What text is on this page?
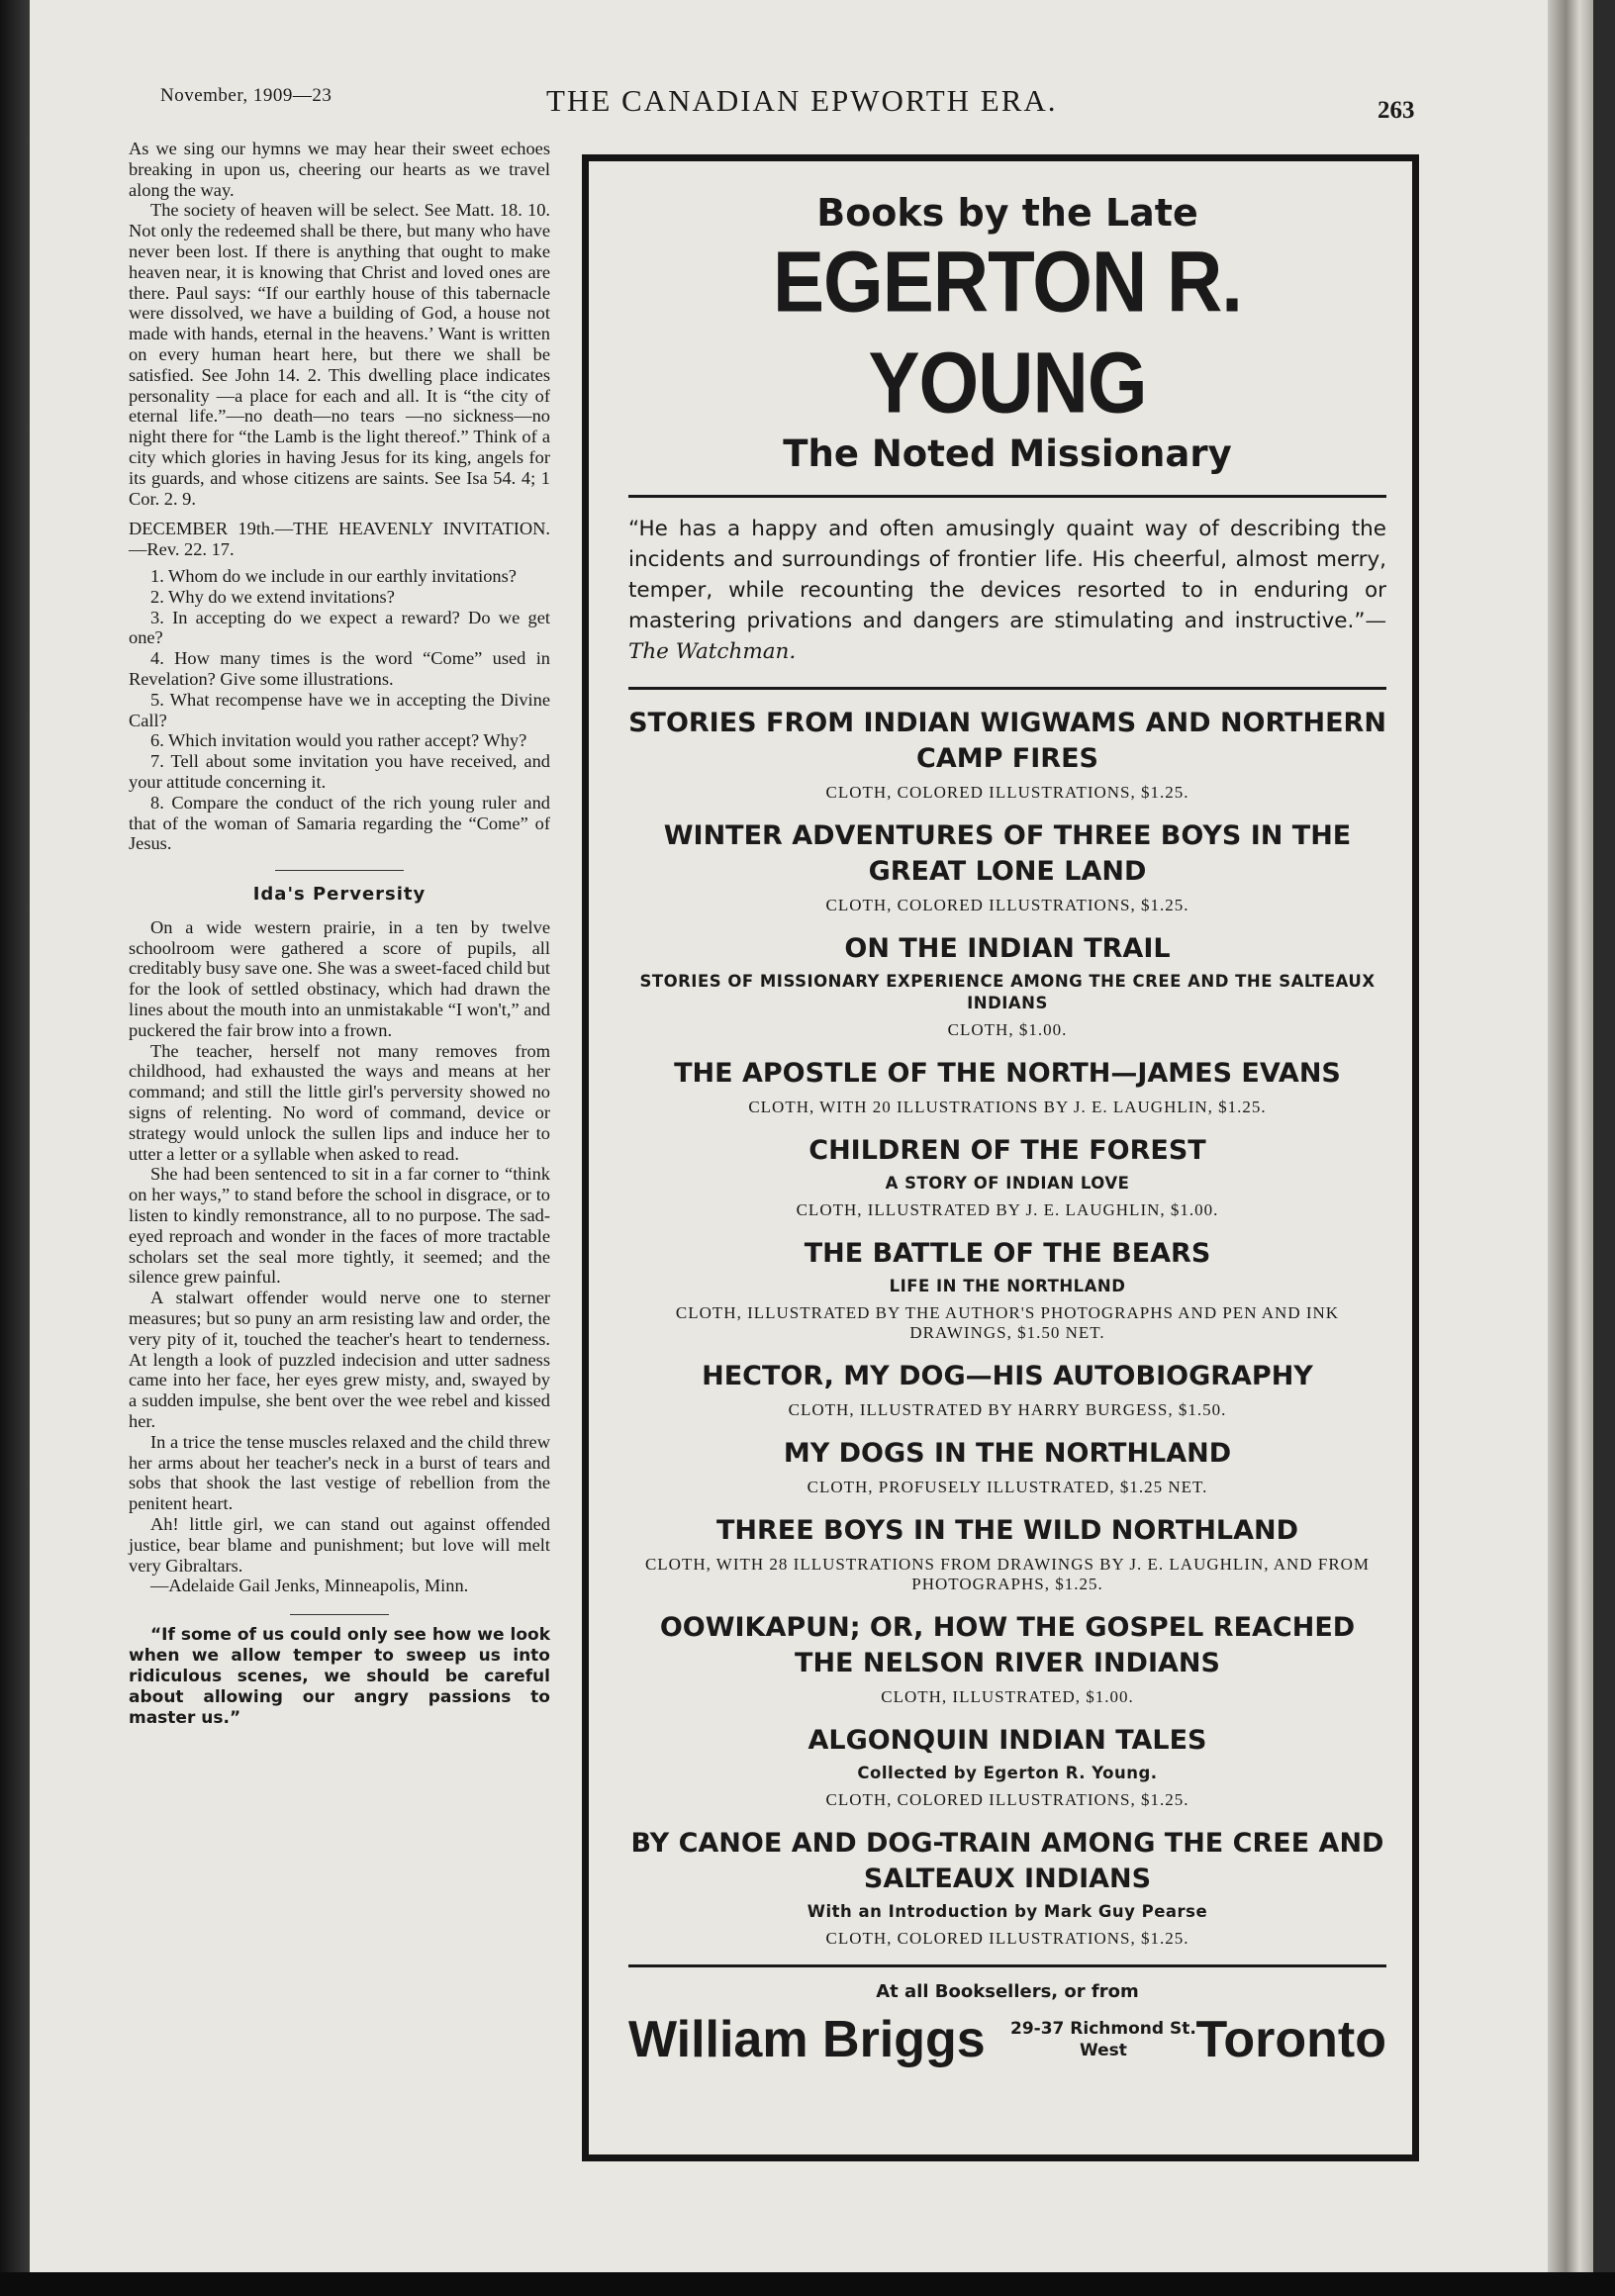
November, 1909—23	THE CANADIAN EPWORTH ERA.	263

As we sing our hymns we may hear their sweet echoes breaking in upon us, cheering our hearts as we travel along the way.

The society of heaven will be select. See Matt. 18. 10. Not only the redeemed shall be there, but many who have never been lost. If there is anything that ought to make heaven near, it is knowing that Christ and loved ones are there. Paul says: “If our earthly house of this tabernacle were dissolved, we have a building of God, a house not made with hands, eternal in the heavens.’ Want is written on every human heart here, but there we shall be satisfied. See John 14. 2. This dwelling place indicates personality —a place for each and all. It is “the city of eternal life.”—no death—no tears —no sickness—no night there for “the Lamb is the light thereof.” Think of a city which glories in having Jesus for its king, angels for its guards, and whose citizens are saints. See Isa 54. 4; 1 Cor. 2. 9.

DECEMBER 19th.—THE HEAVENLY INVITATION.—Rev. 22. 17.

1. Whom do we include in our earthly invitations?
2. Why do we extend invitations?
3. In accepting do we expect a reward? Do we get one?
4. How many times is the word “Come” used in Revelation? Give some illustrations.
5. What recompense have we in accepting the Divine Call?
6. Which invitation would you rather accept? Why?
7. Tell about some invitation you have received, and your attitude concerning it.
8. Compare the conduct of the rich young ruler and that of the woman of Samaria regarding the “Come” of Jesus.
Ida's Perversity

On a wide western prairie, in a ten by twelve schoolroom were gathered a score of pupils, all creditably busy save one. She was a sweet-faced child but for the look of settled obstinacy, which had drawn the lines about the mouth into an unmistakable “I won't,” and puckered the fair brow into a frown.

The teacher, herself not many removes from childhood, had exhausted the ways and means at her command; and still the little girl's perversity showed no signs of relenting. No word of command, device or strategy would unlock the sullen lips and induce her to utter a letter or a syllable when asked to read.

She had been sentenced to sit in a far corner to “think on her ways,” to stand before the school in disgrace, or to listen to kindly remonstrance, all to no purpose. The sad-eyed reproach and wonder in the faces of more tractable scholars set the seal more tightly, it seemed; and the silence grew painful.

A stalwart offender would nerve one to sterner measures; but so puny an arm resisting law and order, the very pity of it, touched the teacher's heart to tenderness. At length a look of puzzled indecision and utter sadness came into her face, her eyes grew misty, and, swayed by a sudden impulse, she bent over the wee rebel and kissed her.

In a trice the tense muscles relaxed and the child threw her arms about her teacher's neck in a burst of tears and sobs that shook the last vestige of rebellion from the penitent heart.

Ah! little girl, we can stand out against offended justice, bear blame and punishment; but love will melt very Gibraltars.

—Adelaide Gail Jenks, Minneapolis, Minn.

“If some of us could only see how we look when we allow temper to sweep us into ridiculous scenes, we should be careful about allowing our angry passions to master us.”

Books by the Late
EGERTON R. YOUNG
The Noted Missionary
“He has a happy and often amusingly quaint way of describing the incidents and surroundings of frontier life. His cheerful, almost merry, temper, while recounting the devices resorted to in enduring or mastering privations and dangers are stimulating and instructive.”—The Watchman.
STORIES FROM INDIAN WIGWAMS AND NORTHERN CAMP FIRES
CLOTH, COLORED ILLUSTRATIONS, $1.25.
WINTER ADVENTURES OF THREE BOYS IN THE GREAT LONE LAND
CLOTH, COLORED ILLUSTRATIONS, $1.25.
ON THE INDIAN TRAIL
STORIES OF MISSIONARY EXPERIENCE AMONG THE CREE AND THE SALTEAUX INDIANS
CLOTH, $1.00.
THE APOSTLE OF THE NORTH—JAMES EVANS
CLOTH, WITH 20 ILLUSTRATIONS BY J. E. LAUGHLIN, $1.25.
CHILDREN OF THE FOREST
A STORY OF INDIAN LOVE
CLOTH, ILLUSTRATED BY J. E. LAUGHLIN, $1.00.
THE BATTLE OF THE BEARS
LIFE IN THE NORTHLAND
CLOTH, ILLUSTRATED BY THE AUTHOR'S PHOTOGRAPHS AND PEN AND INK DRAWINGS, $1.50 NET.
HECTOR, MY DOG—HIS AUTOBIOGRAPHY
CLOTH, ILLUSTRATED BY HARRY BURGESS, $1.50.
MY DOGS IN THE NORTHLAND
CLOTH, PROFUSELY ILLUSTRATED, $1.25 NET.
THREE BOYS IN THE WILD NORTHLAND
CLOTH, WITH 28 ILLUSTRATIONS FROM DRAWINGS BY J. E. LAUGHLIN, AND FROM PHOTOGRAPHS, $1.25.
OOWIKAPUN; OR, HOW THE GOSPEL REACHED THE NELSON RIVER INDIANS
CLOTH, ILLUSTRATED, $1.00.
ALGONQUIN INDIAN TALES
Collected by Egerton R. Young.
CLOTH, COLORED ILLUSTRATIONS, $1.25.
BY CANOE AND DOG-TRAIN AMONG THE CREE AND SALTEAUX INDIANS
With an Introduction by Mark Guy Pearse
CLOTH, COLORED ILLUSTRATIONS, $1.25.
At all Booksellers, or from
William Briggs 29-37 Richmond St.
West	Toronto
